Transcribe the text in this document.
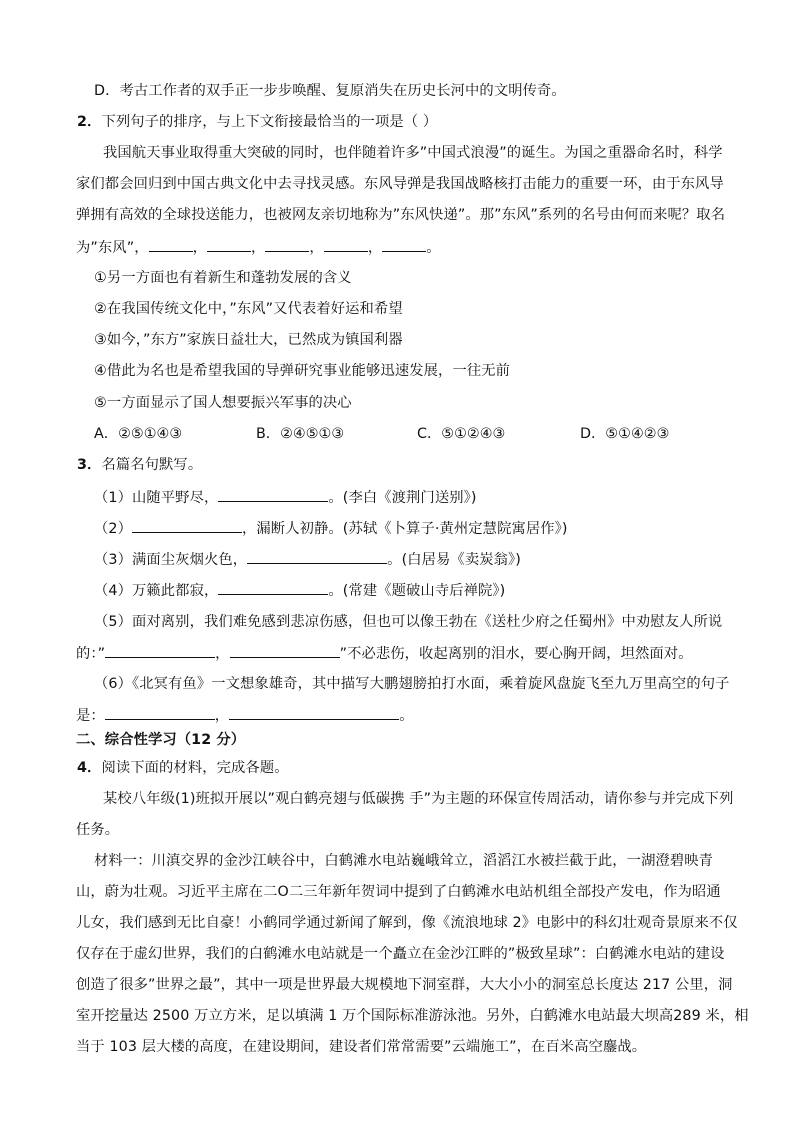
D．考古工作者的双手正一步步唤醒、复原消失在历史长河中的文明传奇。
2．下列句子的排序，与上下文衔接最恰当的一项是（ ）
我国航天事业取得重大突破的同时，也伴随着许多”中国式浪漫”的诞生。为国之重器命名时，科学
家们都会回归到中国古典文化中去寻找灵感。东风导弹是我国战略核打击能力的重要一环，由于东风导
弹拥有高效的全球投送能力，也被网友亲切地称为”东风快递”。那”东风”系列的名号由何而来呢？取名
为”东风”，	，	，	，	，	。
①另一方面也有着新生和蓬勃发展的含义
②在我国传统文化中，”东风”又代表着好运和希望
③如今，”东方”家族日益壮大，已然成为镇国利器
④借此为名也是希望我国的导弹研究事业能够迅速发展，一往无前
⑤一方面显示了国人想要振兴军事的决心
A．②⑤①④③	B．②④⑤①③	C．⑤①②④③	D．⑤①④②③
3．名篇名句默写。
（1）山随平野尽，	。(李白《渡荆门送别》)
（2）	，漏断人初静。(苏轼《卜算子·黄州定慧院寓居作》)
（3）满面尘灰烟火色，	。(白居易《卖炭翁》)
（4）万籁此都寂，	。(常建《题破山寺后禅院》)
（5）面对离别，我们难免感到悲凉伤感，但也可以像王勃在《送杜少府之任蜀州》中劝慰友人所说
的：”	，	”不必悲伤，收起离别的泪水，要心胸开阔，坦然面对。
（6）《北冥有鱼》一文想象雄奇，其中描写大鹏翅膀拍打水面，乘着旋风盘旋飞至九万里高空的句子
是：	，	。
二、综合性学习（12 分）
4．阅读下面的材料，完成各题。
某校八年级(1)班拟开展以”观白鹤亮翅与低碳携 手”为主题的环保宣传周活动，请你参与并完成下列
任务。
材料一：川滇交界的金沙江峡谷中，白鹤滩水电站巍峨耸立，滔滔江水被拦截于此，一湖澄碧映青
山，蔚为壮观。习近平主席在二O二三年新年贺词中提到了白鹤滩水电站机组全部投产发电，作为昭通
儿女，我们感到无比自豪！小鹤同学通过新闻了解到，像《流浪地球 2》电影中的科幻壮观奇景原来不仅
仅存在于虚幻世界，我们的白鹤滩水电站就是一个矗立在金沙江畔的”极致星球”：白鹤滩水电站的建设
创造了很多”世界之最”，其中一项是世界最大规模地下洞室群，大大小小的洞室总长度达 217 公里，洞
室开挖量达 2500 万立方米，足以填满 1 万个国际标准游泳池。另外，白鹤滩水电站最大坝高289 米，相
当于 103 层大楼的高度，在建设期间，建设者们常常需要”云端施工”，在百米高空鏖战。
